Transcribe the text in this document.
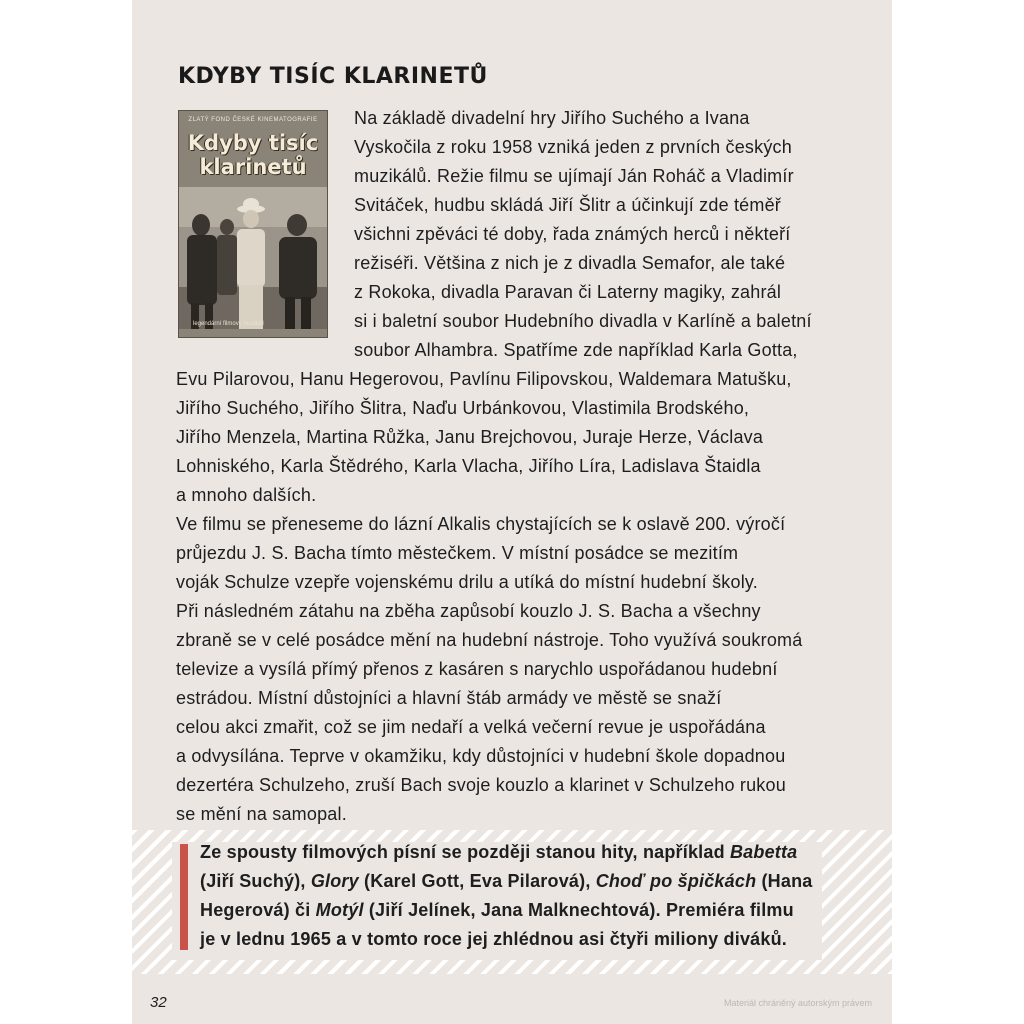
KDYBY TISÍC KLARINETŮ
ZLATÝ FOND ČESKÉ KINEMATOGRAFIE
Kdyby tisíc
klarinetů
legendární filmový muzikál
Na základě divadelní hry Jiřího Suchého a Ivana
Vyskočila z roku 1958 vzniká jeden z prvních českých
muzikálů. Režie filmu se ujímají Ján Roháč a Vladimír
Svitáček, hudbu skládá Jiří Šlitr a účinkují zde téměř
všichni zpěváci té doby, řada známých herců i někteří
režiséři. Většina z nich je z divadla Semafor, ale také
z Rokoka, divadla Paravan či Laterny magiky, zahrál
si i baletní soubor Hudebního divadla v Karlíně a baletní
soubor Alhambra. Spatříme zde například Karla Gotta,
Evu Pilarovou, Hanu Hegerovou, Pavlínu Filipovskou, Waldemara Matušku,
Jiřího Suchého, Jiřího Šlitra, Naďu Urbánkovou, Vlastimila Brodského,
Jiřího Menzela, Martina Růžka, Janu Brejchovou, Juraje Herze, Václava
Lohniského, Karla Štědrého, Karla Vlacha, Jiřího Líra, Ladislava Štaidla
a mnoho dalších.
Ve filmu se přeneseme do lázní Alkalis chystajících se k oslavě 200. výročí
průjezdu J. S. Bacha tímto městečkem. V místní posádce se mezitím
voják Schulze vzepře vojenskému drilu a utíká do místní hudební školy.
Při následném zátahu na zběha zapůsobí kouzlo J. S. Bacha a všechny
zbraně se v celé posádce mění na hudební nástroje. Toho využívá soukromá
televize a vysílá přímý přenos z kasáren s narychlo uspořádanou hudební
estrádou. Místní důstojníci a hlavní štáb armády ve městě se snaží
celou akci zmařit, což se jim nedaří a velká večerní revue je uspořádána
a odvysílána. Teprve v okamžiku, kdy důstojníci v hudební škole dopadnou
dezertéra Schulzeho, zruší Bach svoje kouzlo a klarinet v Schulzeho rukou
se mění na samopal.
Ze spousty filmových písní se později stanou hity, například Babetta
(Jiří Suchý), Glory (Karel Gott, Eva Pilarová), Choď po špičkách (Hana
Hegerová) či Motýl (Jiří Jelínek, Jana Malknechtová). Premiéra filmu
je v lednu 1965 a v tomto roce jej zhlédnou asi čtyři miliony diváků.
32	Materiál chráněný autorským právem
